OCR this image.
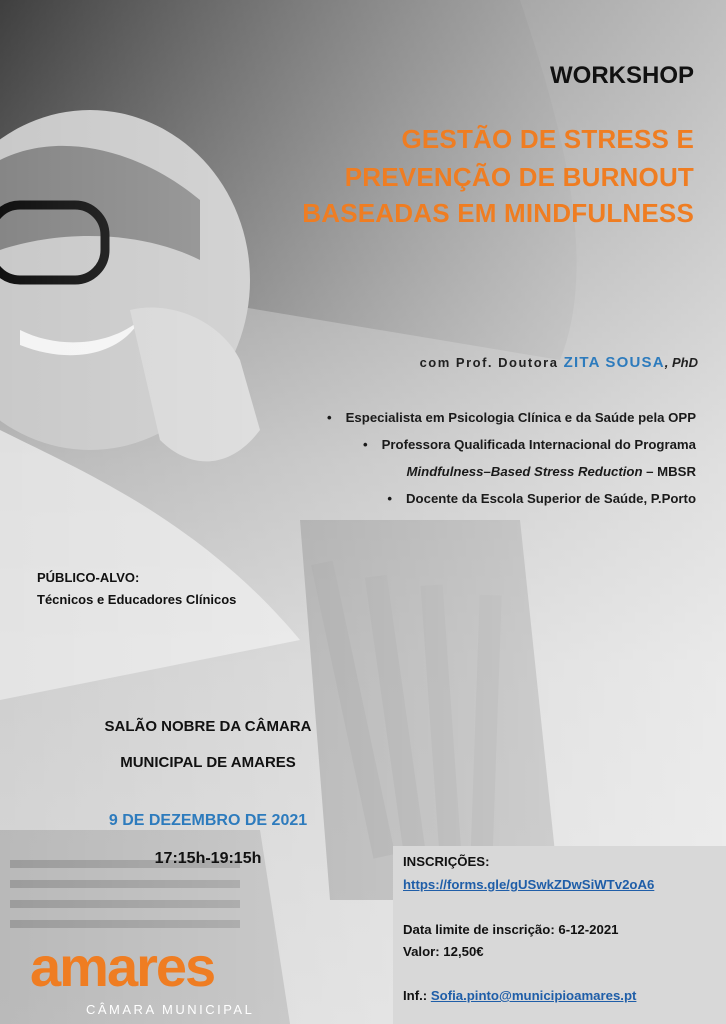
WORKSHOP
GESTÃO DE STRESS E
PREVENÇÃO DE BURNOUT
BASEADAS EM MINDFULNESS
com Prof. Doutora ZITA SOUSA, PhD
• Especialista em Psicologia Clínica e da Saúde pela OPP
• Professora Qualificada Internacional do Programa
Mindfulness–Based Stress Reduction – MBSR
• Docente da Escola Superior de Saúde, P.Porto
PÚBLICO-ALVO:
Técnicos e Educadores Clínicos
SALÃO NOBRE DA CÂMARA
MUNICIPAL DE AMARES
9 DE DEZEMBRO DE 2021
17:15h-19:15h	INSCRIÇÕES:
https://forms.gle/gUSwkZDwSiWTv2oA6
Data limite de inscrição: 6-12-2021
Valor: 12,50€
Inf.: Sofia.pinto@municipioamares.pt
amares
CÂMARA MUNICIPAL
